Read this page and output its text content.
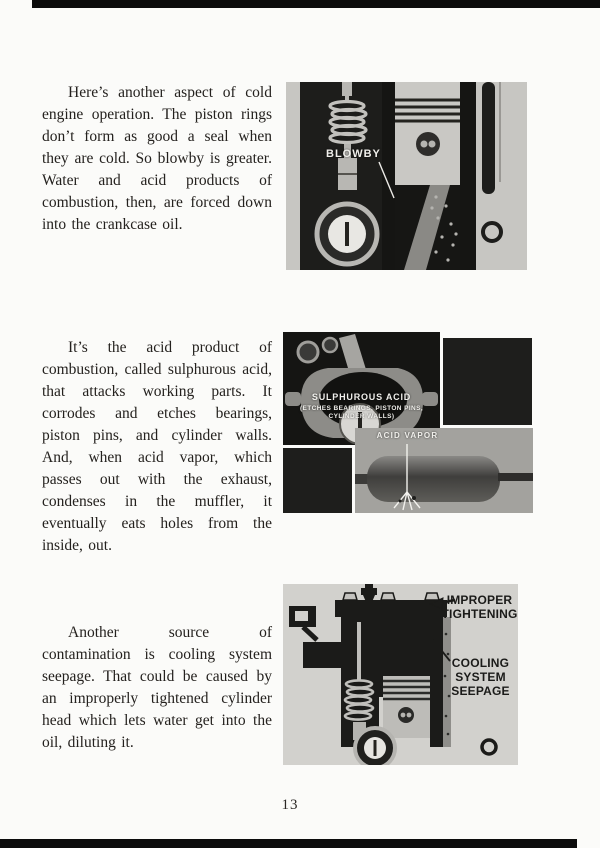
Here’s another aspect of cold engine operation. The piston rings don’t form as good a seal when they are cold. So blowby is greater. Water and acid products of combustion, then, are forced down into the crankcase oil.

It’s the acid product of combustion, called sulphurous acid, that attacks working parts. It corrodes and etches bearings, piston pins, and cylinder walls. And, when acid vapor, which passes out with the exhaust, condenses in the muffler, it eventually eats holes from the inside, out.

Another source of contamination is cooling system seepage. That could be caused by an improperly tightened cylinder head which lets water get into the oil, diluting it.

BLOWBY
SULPHUROUS ACID
(ETCHES BEARINGS, PISTON PINS,
CYLINDER WALLS)
ACID VAPOR
IMPROPER
TIGHTENING
COOLING
SYSTEM
SEEPAGE
13
